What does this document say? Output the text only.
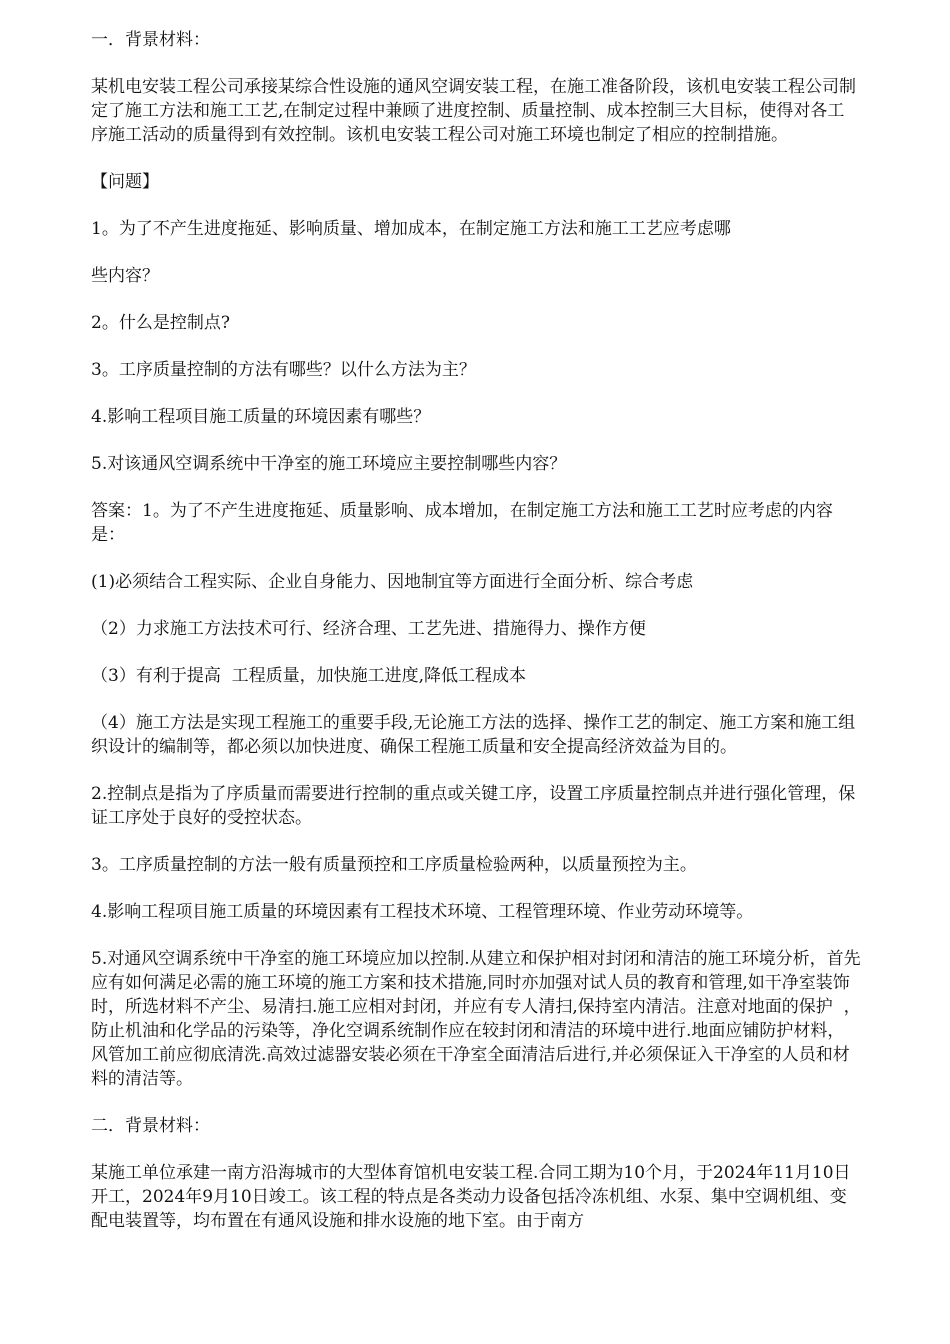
一．背景材料：

某机电安装工程公司承接某综合性设施的通风空调安装工程，在施工准备阶段，该机电安装工程公司制定了施工方法和施工工艺,在制定过程中兼顾了进度控制、质量控制、成本控制三大目标，使得对各工序施工活动的质量得到有效控制。该机电安装工程公司对施工环境也制定了相应的控制措施。

【问题】

1。为了不产生进度拖延、影响质量、增加成本，在制定施工方法和施工工艺应考虑哪

些内容？

2。什么是控制点?

3。工序质量控制的方法有哪些？以什么方法为主？

4.影响工程项目施工质量的环境因素有哪些？

5.对该通风空调系统中干净室的施工环境应主要控制哪些内容？

答案：1。为了不产生进度拖延、质量影响、成本增加，在制定施工方法和施工工艺时应考虑的内容是：

(1)必须结合工程实际、企业自身能力、因地制宜等方面进行全面分析、综合考虑

（2）力求施工方法技术可行、经济合理、工艺先进、措施得力、操作方便

（3）有利于提高  工程质量，加快施工进度,降低工程成本

（4）施工方法是实现工程施工的重要手段,无论施工方法的选择、操作工艺的制定、施工方案和施工组织设计的编制等，都必须以加快进度、确保工程施工质量和安全提高经济效益为目的。

2.控制点是指为了序质量而需要进行控制的重点或关键工序，设置工序质量控制点并进行强化管理，保证工序处于良好的受控状态。

3。工序质量控制的方法一般有质量预控和工序质量检验两种，以质量预控为主。

4.影响工程项目施工质量的环境因素有工程技术环境、工程管理环境、作业劳动环境等。

5.对通风空调系统中干净室的施工环境应加以控制.从建立和保护相对封闭和清洁的施工环境分析，首先应有如何满足必需的施工环境的施工方案和技术措施,同时亦加强对试人员的教育和管理,如干净室装饰时，所选材料不产尘、易清扫.施工应相对封闭，并应有专人清扫,保持室内清洁。注意对地面的保护  ，防止机油和化学品的污染等，净化空调系统制作应在较封闭和清洁的环境中进行.地面应铺防护材料，风管加工前应彻底清洗.高效过滤器安装必须在干净室全面清洁后进行,并必须保证入干净室的人员和材料的清洁等。

二．背景材料：

某施工单位承建一南方沿海城市的大型体育馆机电安装工程.合同工期为10个月，于2024年11月10日开工，2024年9月10日竣工。该工程的特点是各类动力设备包括冷冻机组、水泵、集中空调机组、变配电装置等，均布置在有通风设施和排水设施的地下室。由于南方
